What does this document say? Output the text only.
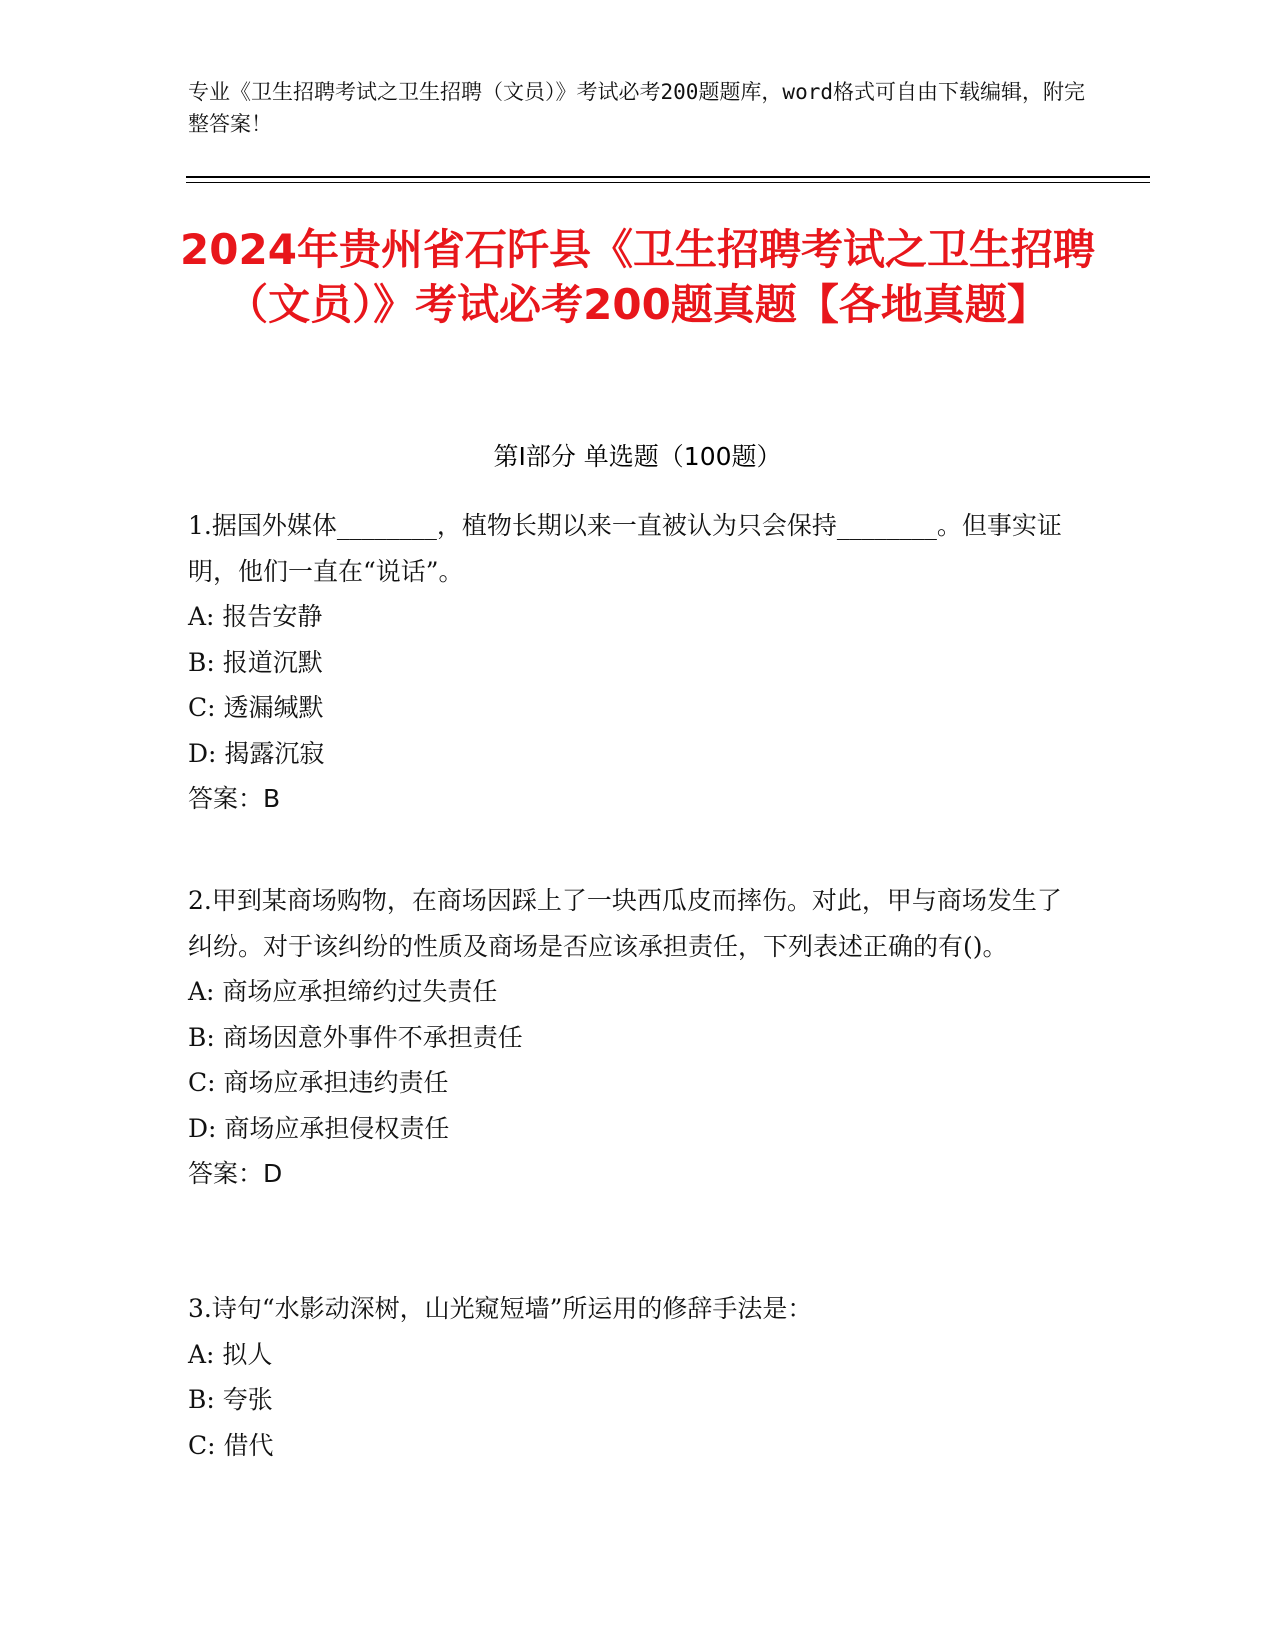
专业《卫生招聘考试之卫生招聘（文员）》考试必考200题题库，word格式可自由下载编辑，附完整答案！
2024年贵州省石阡县《卫生招聘考试之卫生招聘（文员）》考试必考200题真题【各地真题】
第Ⅰ部分 单选题（100题）
1.据国外媒体________，植物长期以来一直被认为只会保持________。但事实证明，他们一直在“说话”。
A: 报告安静
B: 报道沉默
C: 透漏缄默
D: 揭露沉寂
答案：B
2.甲到某商场购物，在商场因踩上了一块西瓜皮而摔伤。对此，甲与商场发生了纠纷。对于该纠纷的性质及商场是否应该承担责任，下列表述正确的有()。
A: 商场应承担缔约过失责任
B: 商场因意外事件不承担责任
C: 商场应承担违约责任
D: 商场应承担侵权责任
答案：D
3.诗句“水影动深树，山光窥短墙”所运用的修辞手法是：
A: 拟人
B: 夸张
C: 借代
